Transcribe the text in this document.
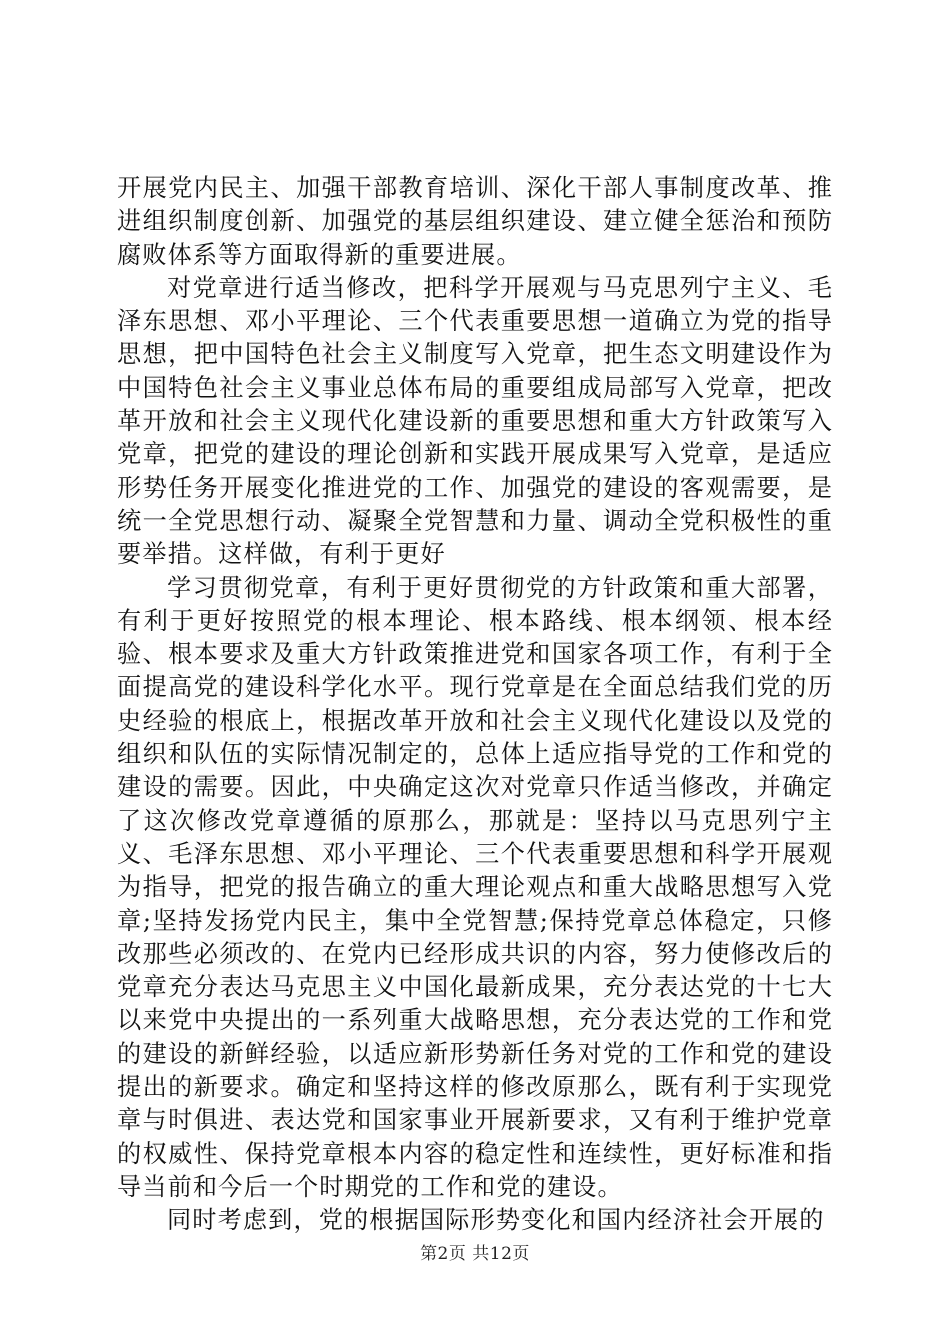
开展党内民主、加强干部教育培训、深化干部人事制度改革、推进组织制度创新、加强党的基层组织建设、建立健全惩治和预防腐败体系等方面取得新的重要进展。

对党章进行适当修改，把科学开展观与马克思列宁主义、毛泽东思想、邓小平理论、三个代表重要思想一道确立为党的指导思想，把中国特色社会主义制度写入党章，把生态文明建设作为中国特色社会主义事业总体布局的重要组成局部写入党章，把改革开放和社会主义现代化建设新的重要思想和重大方针政策写入党章，把党的建设的理论创新和实践开展成果写入党章，是适应形势任务开展变化推进党的工作、加强党的建设的客观需要，是统一全党思想行动、凝聚全党智慧和力量、调动全党积极性的重要举措。这样做，有利于更好

学习贯彻党章，有利于更好贯彻党的方针政策和重大部署，有利于更好按照党的根本理论、根本路线、根本纲领、根本经验、根本要求及重大方针政策推进党和国家各项工作，有利于全面提高党的建设科学化水平。现行党章是在全面总结我们党的历史经验的根底上，根据改革开放和社会主义现代化建设以及党的组织和队伍的实际情况制定的，总体上适应指导党的工作和党的建设的需要。因此，中央确定这次对党章只作适当修改，并确定了这次修改党章遵循的原那么，那就是：坚持以马克思列宁主义、毛泽东思想、邓小平理论、三个代表重要思想和科学开展观为指导，把党的报告确立的重大理论观点和重大战略思想写入党章;坚持发扬党内民主，集中全党智慧;保持党章总体稳定，只修改那些必须改的、在党内已经形成共识的内容，努力使修改后的党章充分表达马克思主义中国化最新成果，充分表达党的十七大以来党中央提出的一系列重大战略思想，充分表达党的工作和党的建设的新鲜经验，以适应新形势新任务对党的工作和党的建设提出的新要求。确定和坚持这样的修改原那么，既有利于实现党章与时俱进、表达党和国家事业开展新要求，又有利于维护党章的权威性、保持党章根本内容的稳定性和连续性，更好标准和指导当前和今后一个时期党的工作和党的建设。

同时考虑到，党的根据国际形势变化和国内经济社会开展的

第2页 共12页
